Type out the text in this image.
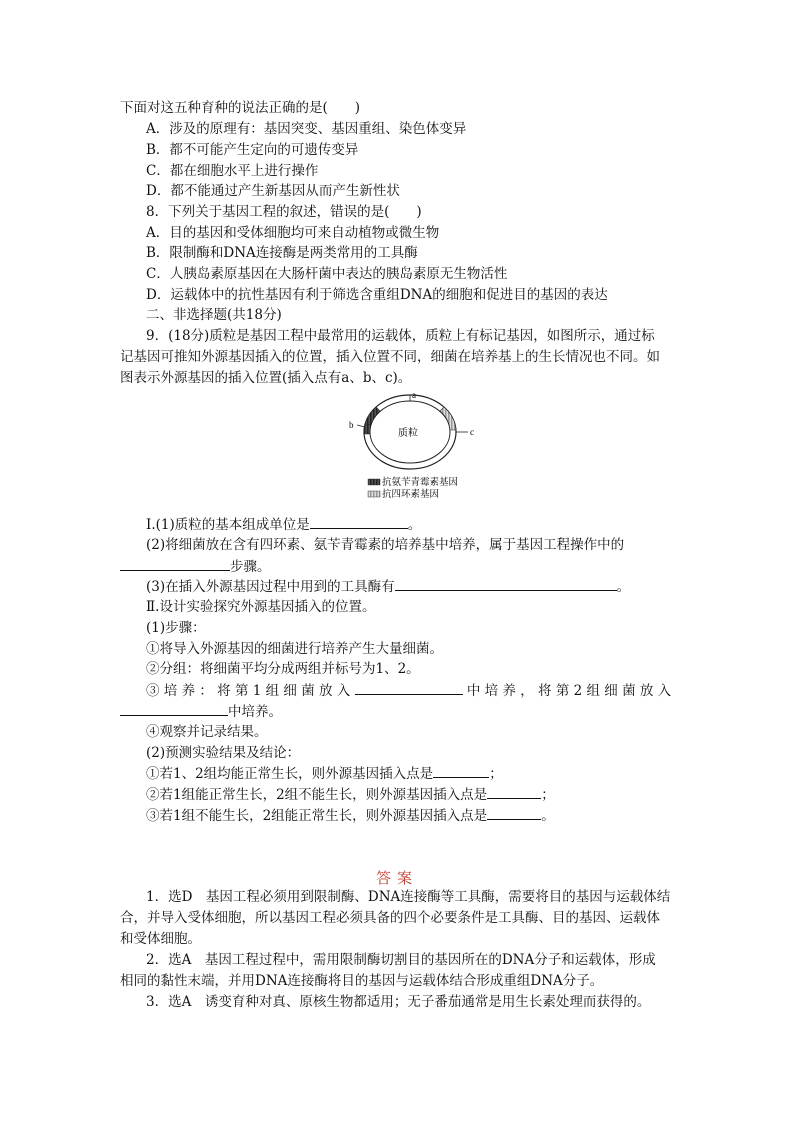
下面对这五种育种的说法正确的是(　　)
A．涉及的原理有：基因突变、基因重组、染色体变异
B．都不可能产生定向的可遗传变异
C．都在细胞水平上进行操作
D．都不能通过产生新基因从而产生新性状
8．下列关于基因工程的叙述，错误的是(　　)
A．目的基因和受体细胞均可来自动植物或微生物
B．限制酶和DNA连接酶是两类常用的工具酶
C．人胰岛素原基因在大肠杆菌中表达的胰岛素原无生物活性
D．运载体中的抗性基因有利于筛选含重组DNA的细胞和促进目的基因的表达
二、非选择题(共18分)
9．(18分)质粒是基因工程中最常用的运载体，质粒上有标记基因，如图所示，通过标
记基因可推知外源基因插入的位置，插入位置不同，细菌在培养基上的生长情况也不同。如
图表示外源基因的插入位置(插入点有a、b、c)。
a
b
c
质粒
抗氨苄青霉素基因
抗四环素基因
Ⅰ.(1)质粒的基本组成单位是	。
(2)将细菌放在含有四环素、氨苄青霉素的培养基中培养，属于基因工程操作中的
步骤。
(3)在插入外源基因过程中用到的工具酶有	。
Ⅱ.设计实验探究外源基因插入的位置。
(1)步骤：
①将导入外源基因的细菌进行培养产生大量细菌。
②分组：将细菌平均分成两组并标号为1、2。
③ 培 养 ： 将 第 1 组 细 菌 放 入	中 培 养 ， 将 第 2 组 细 菌 放 入
中培养。
④观察并记录结果。
(2)预测实验结果及结论：
①若1、2组均能正常生长，则外源基因插入点是	；
②若1组能正常生长，2组不能生长，则外源基因插入点是	；
③若1组不能生长，2组能正常生长，则外源基因插入点是	。
答案
1．选D　基因工程必须用到限制酶、DNA连接酶等工具酶，需要将目的基因与运载体结
合，并导入受体细胞，所以基因工程必须具备的四个必要条件是工具酶、目的基因、运载体
和受体细胞。
2．选A　基因工程过程中，需用限制酶切割目的基因所在的DNA分子和运载体，形成
相同的黏性末端，并用DNA连接酶将目的基因与运载体结合形成重组DNA分子。
3．选A　诱变育种对真、原核生物都适用；无子番茄通常是用生长素处理而获得的。
